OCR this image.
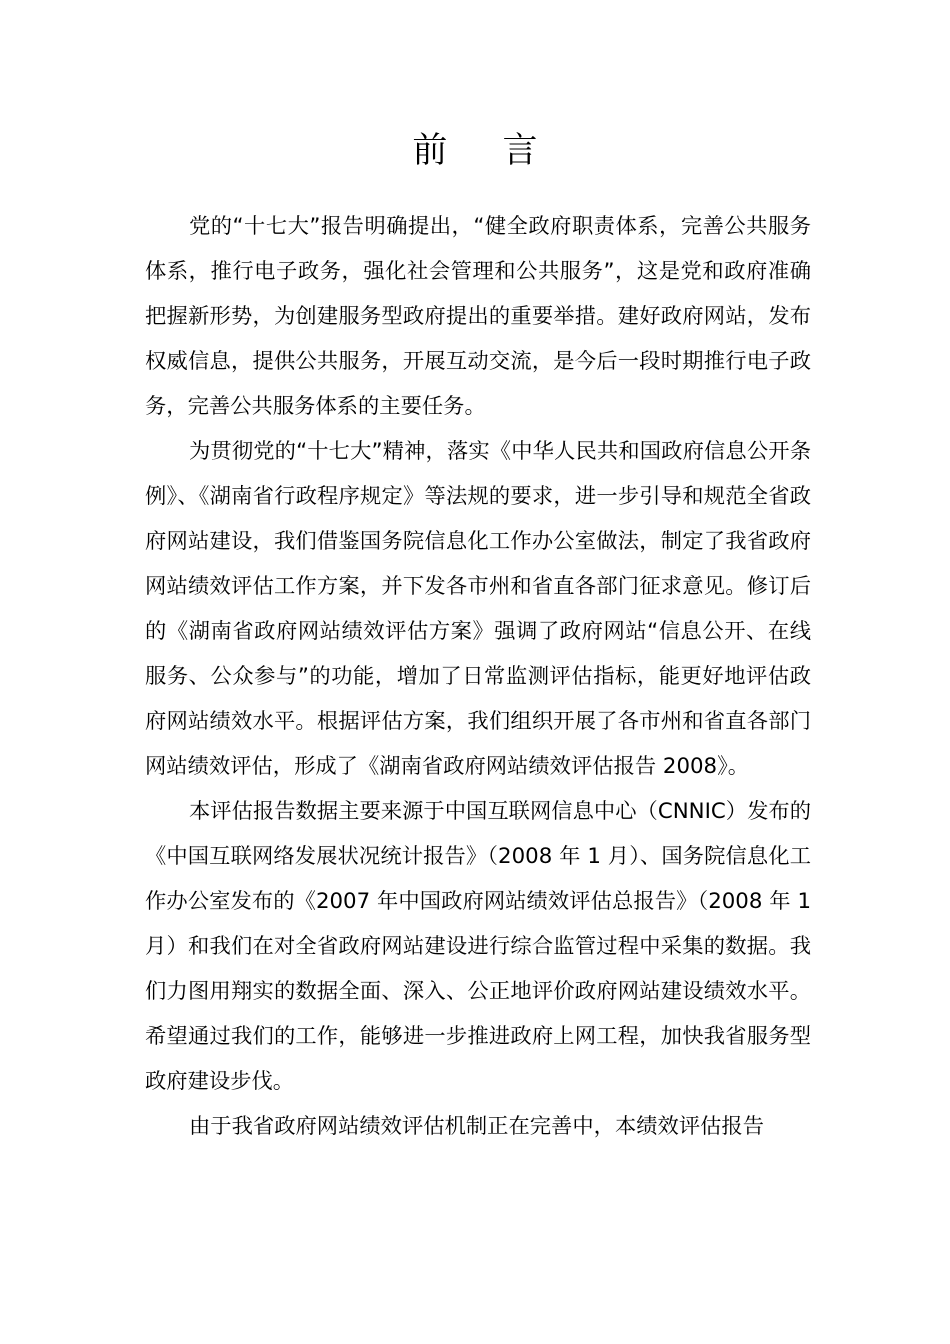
前 言

党的“十七大”报告明确提出，“健全政府职责体系，完善公共服务体系，推行电子政务，强化社会管理和公共服务”，这是党和政府准确把握新形势，为创建服务型政府提出的重要举措。建好政府网站，发布权威信息，提供公共服务，开展互动交流，是今后一段时期推行电子政务，完善公共服务体系的主要任务。

为贯彻党的“十七大”精神，落实《中华人民共和国政府信息公开条例》、《湖南省行政程序规定》等法规的要求，进一步引导和规范全省政府网站建设，我们借鉴国务院信息化工作办公室做法，制定了我省政府网站绩效评估工作方案，并下发各市州和省直各部门征求意见。修订后的《湖南省政府网站绩效评估方案》强调了政府网站“信息公开、在线服务、公众参与”的功能，增加了日常监测评估指标，能更好地评估政府网站绩效水平。根据评估方案，我们组织开展了各市州和省直各部门网站绩效评估，形成了《湖南省政府网站绩效评估报告 2008》。

本评估报告数据主要来源于中国互联网信息中心（CNNIC）发布的《中国互联网络发展状况统计报告》（2008 年 1 月）、国务院信息化工作办公室发布的《2007 年中国政府网站绩效评估总报告》（2008 年 1 月）和我们在对全省政府网站建设进行综合监管过程中采集的数据。我们力图用翔实的数据全面、深入、公正地评价政府网站建设绩效水平。希望通过我们的工作，能够进一步推进政府上网工程，加快我省服务型政府建设步伐。

由于我省政府网站绩效评估机制正在完善中，本绩效评估报告
